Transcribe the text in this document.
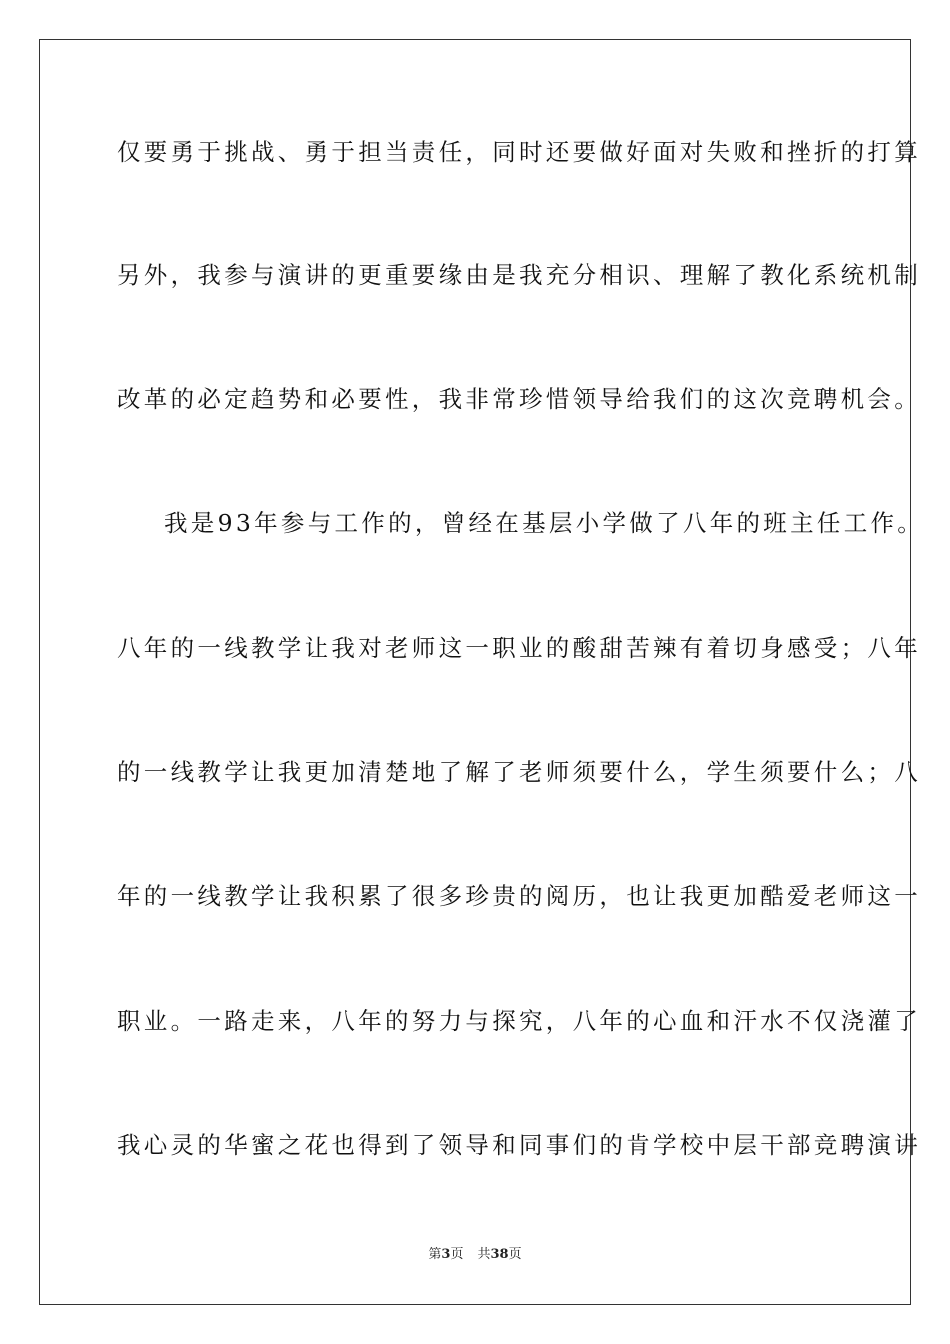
仅要勇于挑战、勇于担当责任，同时还要做好面对失败和挫折的打算

另外，我参与演讲的更重要缘由是我充分相识、理解了教化系统机制

改革的必定趋势和必要性，我非常珍惜领导给我们的这次竞聘机会。

我是93年参与工作的，曾经在基层小学做了八年的班主任工作。

八年的一线教学让我对老师这一职业的酸甜苦辣有着切身感受；八年

的一线教学让我更加清楚地了解了老师须要什么，学生须要什么；八

年的一线教学让我积累了很多珍贵的阅历，也让我更加酷爱老师这一

职业。一路走来，八年的努力与探究，八年的心血和汗水不仅浇灌了

我心灵的华蜜之花也得到了领导和同事们的肯学校中层干部竞聘演讲

第3页 共38页
